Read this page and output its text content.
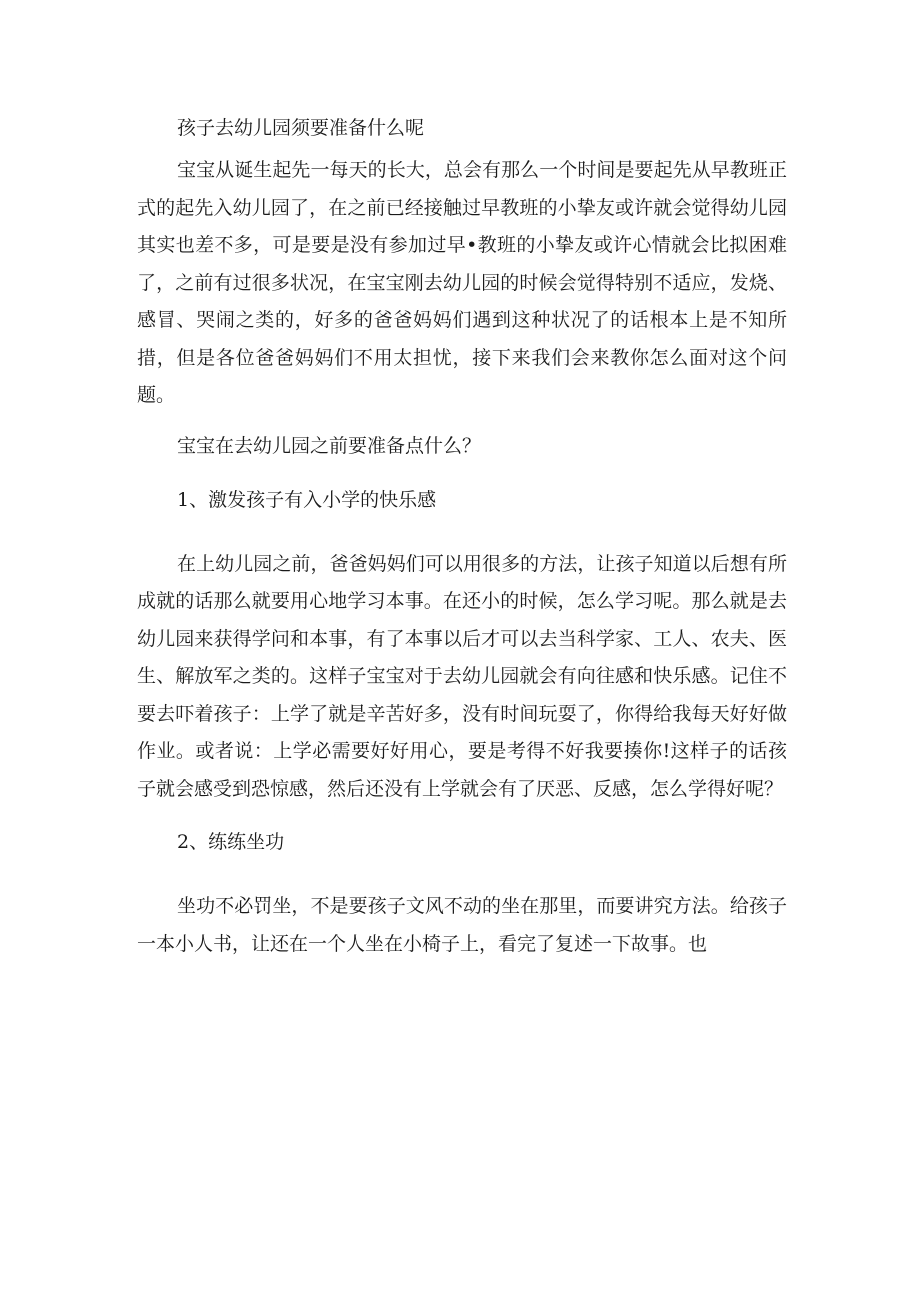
孩子去幼儿园须要准备什么呢

宝宝从诞生起先一每天的长大，总会有那么一个时间是要起先从早教班正式的起先入幼儿园了，在之前已经接触过早教班的小挚友或许就会觉得幼儿园其实也差不多，可是要是没有参加过早•教班的小挚友或许心情就会比拟困难了，之前有过很多状况，在宝宝刚去幼儿园的时候会觉得特别不适应，发烧、感冒、哭闹之类的，好多的爸爸妈妈们遇到这种状况了的话根本上是不知所措，但是各位爸爸妈妈们不用太担忧，接下来我们会来教你怎么面对这个问题。

宝宝在去幼儿园之前要准备点什么？

1、激发孩子有入小学的快乐感

在上幼儿园之前，爸爸妈妈们可以用很多的方法，让孩子知道以后想有所成就的话那么就要用心地学习本事。在还小的时候，怎么学习呢。那么就是去幼儿园来获得学问和本事，有了本事以后才可以去当科学家、工人、农夫、医生、解放军之类的。这样子宝宝对于去幼儿园就会有向往感和快乐感。记住不要去吓着孩子：上学了就是辛苦好多，没有时间玩耍了，你得给我每天好好做作业。或者说：上学必需要好好用心，要是考得不好我要揍你!这样子的话孩子就会感受到恐惊感，然后还没有上学就会有了厌恶、反感，怎么学得好呢？

2、练练坐功

坐功不必罚坐，不是要孩子文风不动的坐在那里，而要讲究方法。给孩子一本小人书，让还在一个人坐在小椅子上，看完了复述一下故事。也
